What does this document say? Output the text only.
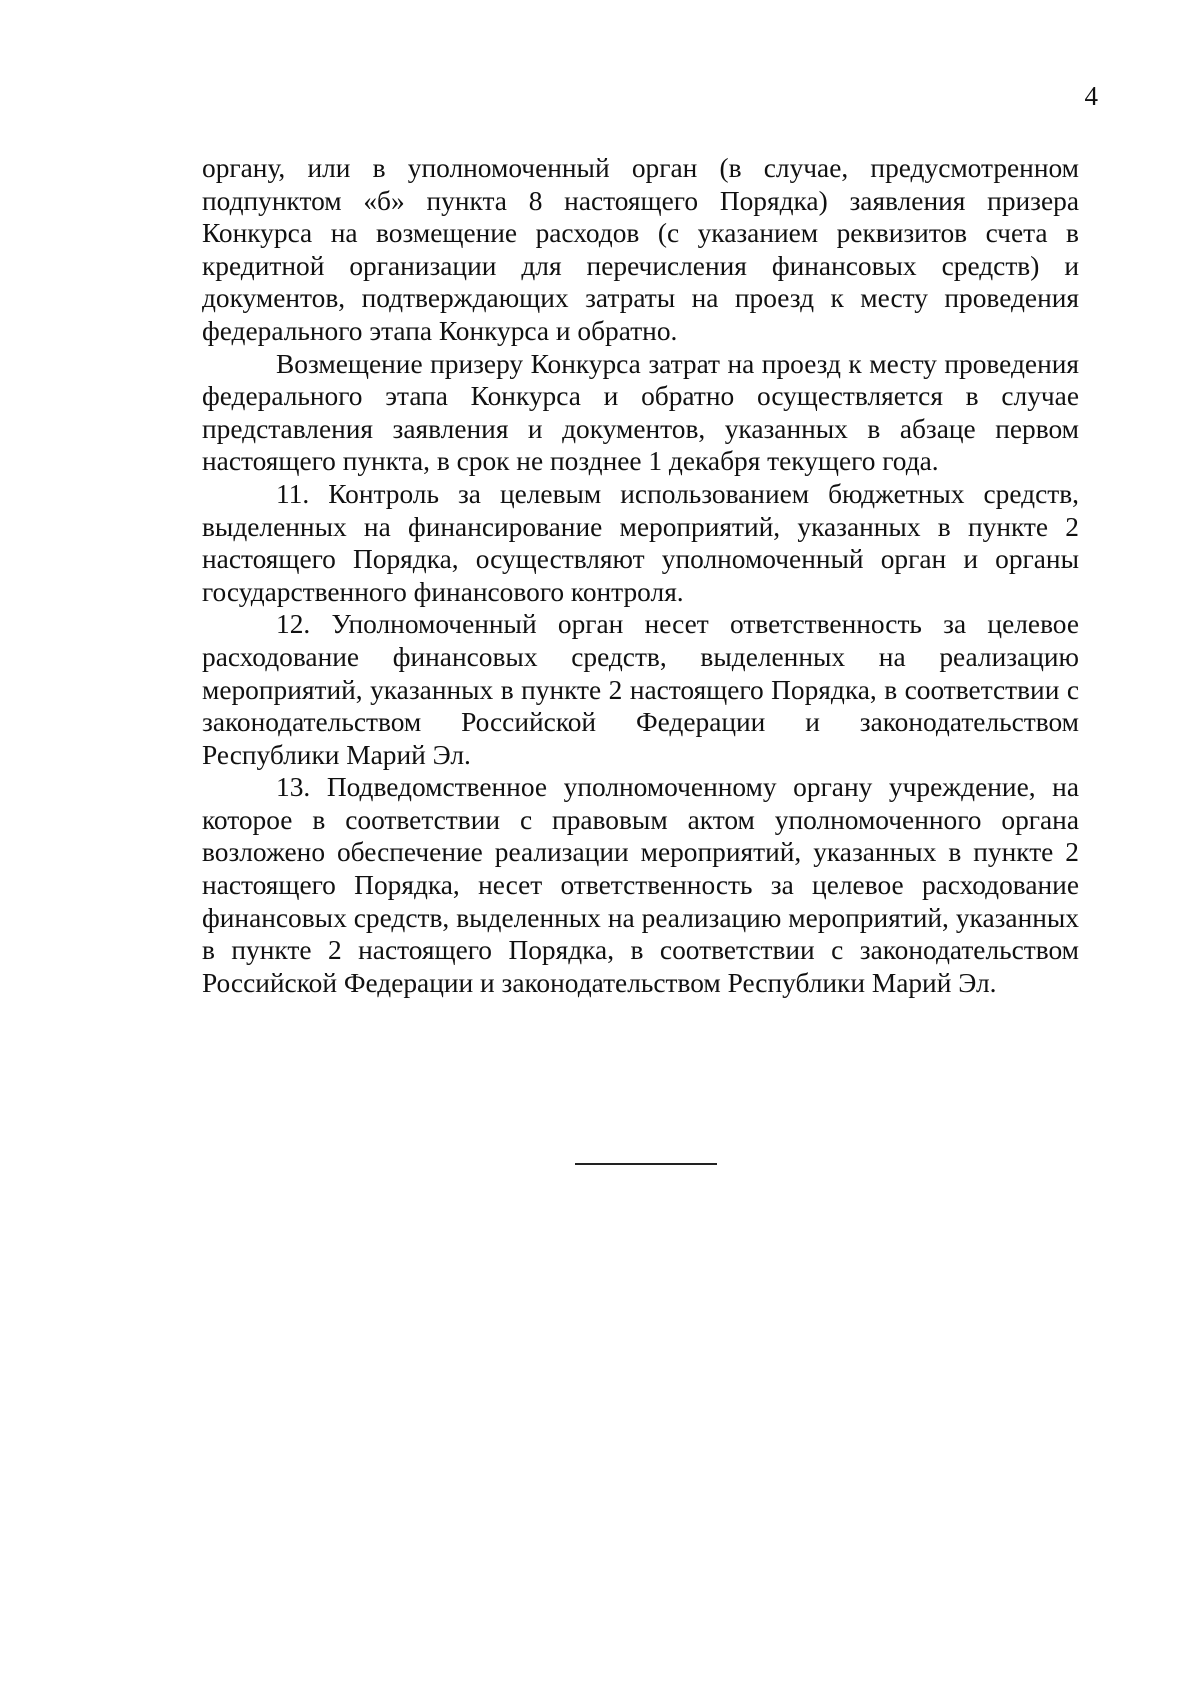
4

органу, или в уполномоченный орган (в случае, предусмотренном подпунктом «б» пункта 8 настоящего Порядка) заявления призера Конкурса на возмещение расходов (с указанием реквизитов счета в кредитной организации для перечисления финансовых средств) и документов, подтверждающих затраты на проезд к месту проведения федерального этапа Конкурса и обратно.

Возмещение призеру Конкурса затрат на проезд к месту проведения федерального этапа Конкурса и обратно осуществляется в случае представления заявления и документов, указанных в абзаце первом настоящего пункта, в срок не позднее 1 декабря текущего года.

11. Контроль за целевым использованием бюджетных средств, выделенных на финансирование мероприятий, указанных в пункте 2 настоящего Порядка, осуществляют уполномоченный орган и органы государственного финансового контроля.

12. Уполномоченный орган несет ответственность за целевое расходование финансовых средств, выделенных на реализацию мероприятий, указанных в пункте 2 настоящего Порядка, в соответствии с законодательством Российской Федерации и законодательством Республики Марий Эл.

13. Подведомственное уполномоченному органу учреждение, на которое в соответствии с правовым актом уполномоченного органа возложено обеспечение реализации мероприятий, указанных в пункте 2 настоящего Порядка, несет ответственность за целевое расходование финансовых средств, выделенных на реализацию мероприятий, указанных в пункте 2 настоящего Порядка, в соответствии с законодательством Российской Федерации и законодательством Республики Марий Эл.
